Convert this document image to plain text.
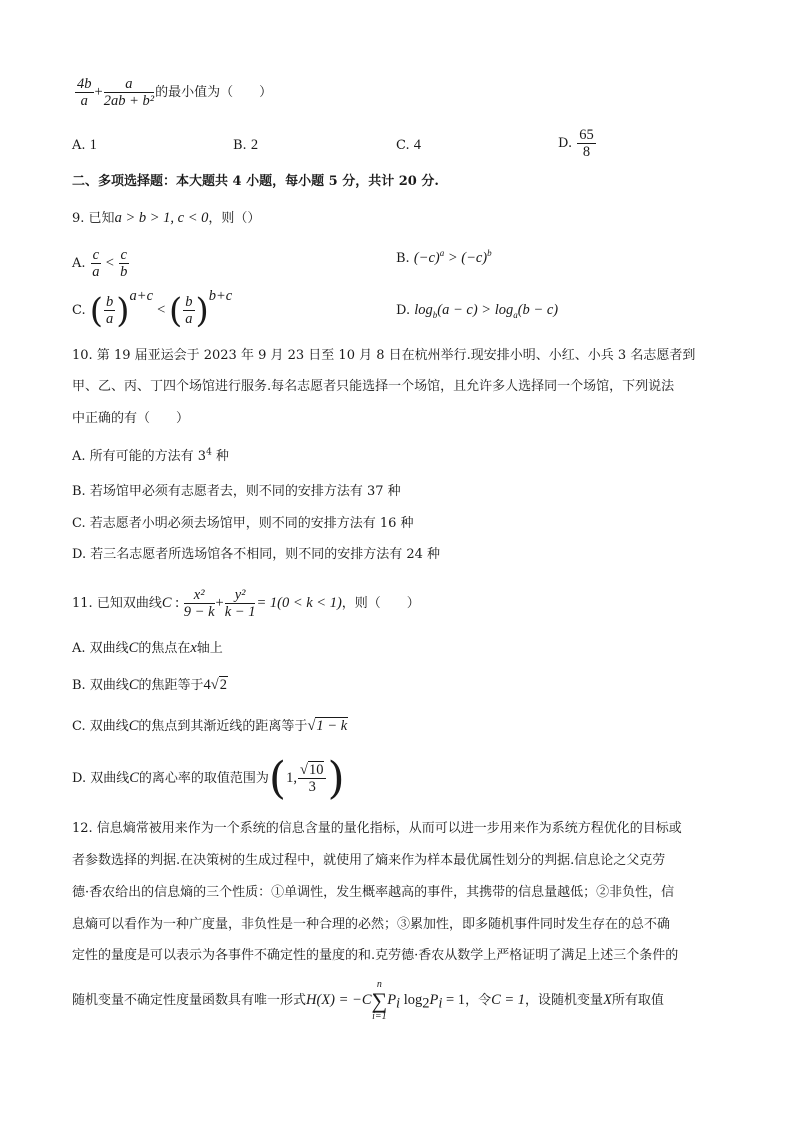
$\frac{4b}{a} + \frac{a}{\text{2ab + b²}}$ 的最小值为（　　）
A. 1	B. 2	C. 4	D. $\frac{65}{8}$
二、多项选择题：本大题共 4 小题，每小题 5 分，共计 20 分.
9. 已知a > b > 1, c < 0，则（）
A. $\frac{c}{a} < \frac{c}{b}$	B. $(-c)^a > (-c)^b$
C. ( $\frac{b}{a} )^{a+c}$ < ( $\frac{b}{a} )^{b+c}$
D. $\log_b(a - c) > \log_a(b - c)$
10. 第 19 届亚运会于 2023 年 9 月 23 日至 10 月 8 日在杭州举行.现安排小明、小红、小兵 3 名志愿者到
甲、乙、丙、丁四个场馆进行服务.每名志愿者只能选择一个场馆，且允许多人选择同一个场馆，下列说法
中正确的有（　　）
A. 所有可能的方法有 $3^4$ 种
B. 若场馆甲必须有志愿者去，则不同的安排方法有 37 种
C. 若志愿者小明必须去场馆甲，则不同的安排方法有 16 种
D. 若三名志愿者所选场馆各不相同，则不同的安排方法有 24 种
11. 已知双曲线C : $\frac{\text{x²}}{9 - k} + \frac{\text{y²}}{k - 1} = 1(0 < k < 1)$，则（　　）
A. 双曲线C的焦点在x轴上
B. 双曲线C的焦距等于4√2
C. 双曲线C的焦点到其渐近线的距离等于√1 − k
D. 双曲线C的离心率的取值范围为(1, $\frac{√10}{3}$ )
12. 信息熵常被用来作为一个系统的信息含量的量化指标，从而可以进一步用来作为系统方程优化的目标或
者参数选择的判据.在决策树的生成过程中，就使用了熵来作为样本最优属性划分的判据.信息论之父克劳
德·香农给出的信息熵的三个性质：①单调性，发生概率越高的事件，其携带的信息量越低；②非负性，信
息熵可以看作为一种广度量，非负性是一种合理的必然；③累加性，即多随机事件同时发生存在的总不确
定性的量度是可以表示为各事件不确定性的量度的和.克劳德·香农从数学上严格证明了满足上述三个条件的
随机变量不确定性度量函数具有唯一形式H(X) = −C
n
∑
i=1
$P_i$ $\log_2P_i = 1$，令C = 1，设随机变量X所有取值
